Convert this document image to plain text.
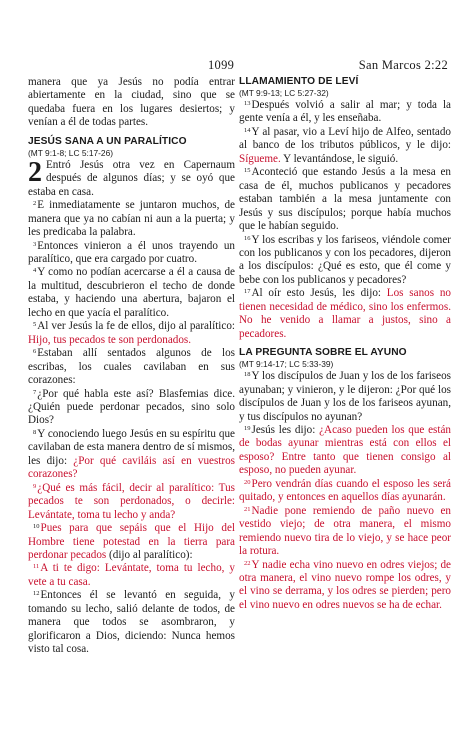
1099	San Marcos 2:22

manera que ya Jesús no podía entrar abiertamente en la ciudad, sino que se quedaba fuera en los lugares desiertos; y venían a él de todas partes.

JESÚS SANA A UN PARALÍTICO
(MT 9:1-8; LC 5:17-26)

2 Entró Jesús otra vez en Capernaum después de algunos días; y se oyó que estaba en casa.

$^2$E inmediatamente se juntaron muchos, de manera que ya no cabían ni aun a la puerta; y les predicaba la palabra.

$^3$Entonces vinieron a él unos trayendo un paralítico, que era cargado por cuatro.

$^4$Y como no podían acercarse a él a causa de la multitud, descubrieron el techo de donde estaba, y haciendo una abertura, bajaron el lecho en que yacía el paralítico.

$^5$Al ver Jesús la fe de ellos, dijo al paralítico: Hijo, tus pecados te son perdonados.

$^6$Estaban allí sentados algunos de los escribas, los cuales cavilaban en sus corazones:

$^7$¿Por qué habla este así? Blasfemias dice. ¿Quién puede perdonar pecados, sino solo Dios?

$^8$Y conociendo luego Jesús en su espíritu que cavilaban de esta manera dentro de sí mismos, les dijo: ¿Por qué caviláis así en vuestros corazones?

$^9$¿Qué es más fácil, decir al paralítico: Tus pecados te son perdonados, o decirle: Levántate, toma tu lecho y anda?

$^{10}$Pues para que sepáis que el Hijo del Hombre tiene potestad en la tierra para perdonar pecados (dijo al paralítico):

$^{11}$A ti te digo: Levántate, toma tu lecho, y vete a tu casa.

$^{12}$Entonces él se levantó en seguida, y tomando su lecho, salió delante de todos, de manera que todos se asombraron, y glorificaron a Dios, diciendo: Nunca hemos visto tal cosa.

LLAMAMIENTO DE LEVÍ
(MT 9:9-13; LC 5:27-32)

$^{13}$Después volvió a salir al mar; y toda la gente venía a él, y les enseñaba.

$^{14}$Y al pasar, vio a Leví hijo de Alfeo, sentado al banco de los tributos públicos, y le dijo: Sígueme. Y levantándose, le siguió.

$^{15}$Aconteció que estando Jesús a la mesa en casa de él, muchos publicanos y pecadores estaban también a la mesa juntamente con Jesús y sus discípulos; porque había muchos que le habían seguido.

$^{16}$Y los escribas y los fariseos, viéndole comer con los publicanos y con los pecadores, dijeron a los discípulos: ¿Qué es esto, que él come y bebe con los publicanos y pecadores?

$^{17}$Al oír esto Jesús, les dijo: Los sanos no tienen necesidad de médico, sino los enfermos. No he venido a llamar a justos, sino a pecadores.

LA PREGUNTA SOBRE EL AYUNO
(MT 9:14-17; LC 5:33-39)

$^{18}$Y los discípulos de Juan y los de los fariseos ayunaban; y vinieron, y le dijeron: ¿Por qué los discípulos de Juan y los de los fariseos ayunan, y tus discípulos no ayunan?

$^{19}$Jesús les dijo: ¿Acaso pueden los que están de bodas ayunar mientras está con ellos el esposo? Entre tanto que tienen consigo al esposo, no pueden ayunar.

$^{20}$Pero vendrán días cuando el esposo les será quitado, y entonces en aquellos días ayunarán.

$^{21}$Nadie pone remiendo de paño nuevo en vestido viejo; de otra manera, el mismo remiendo nuevo tira de lo viejo, y se hace peor la rotura.

$^{22}$Y nadie echa vino nuevo en odres viejos; de otra manera, el vino nuevo rompe los odres, y el vino se derrama, y los odres se pierden; pero el vino nuevo en odres nuevos se ha de echar.
